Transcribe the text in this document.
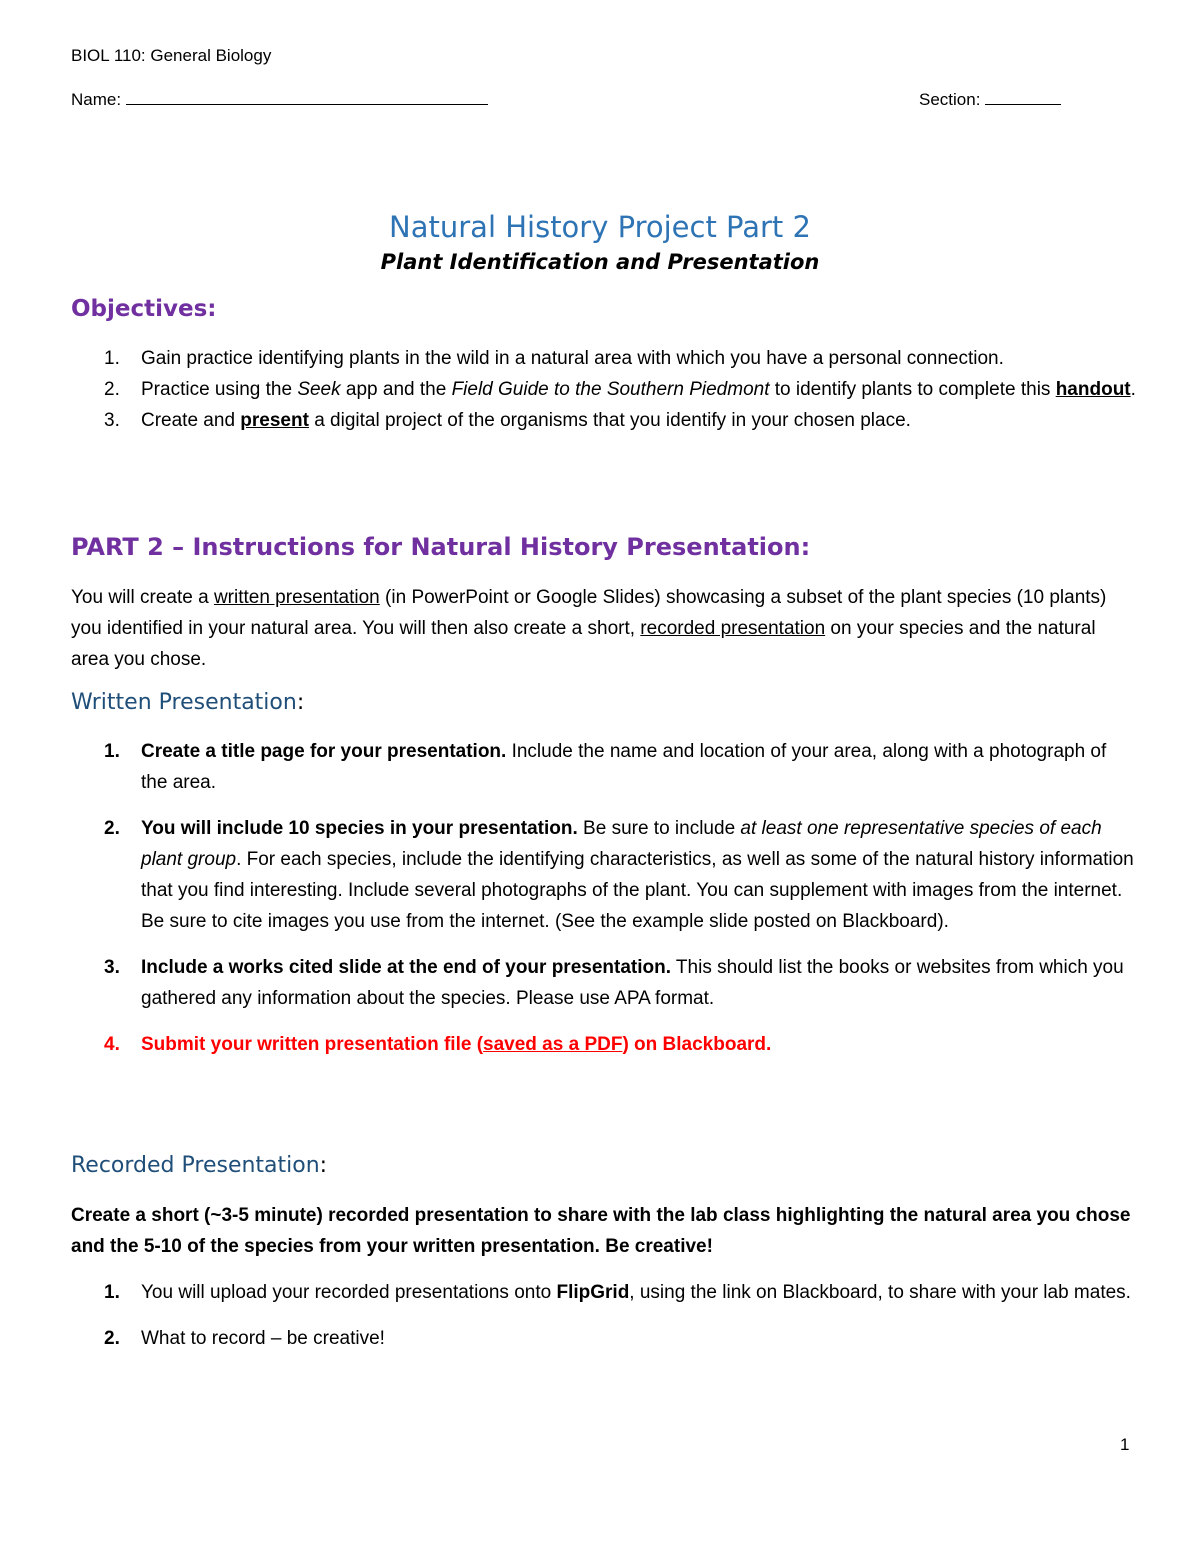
BIOL 110: General Biology
Name:	Section:
Natural History Project Part 2
Plant Identification and Presentation
Objectives:
1. Gain practice identifying plants in the wild in a natural area with which you have a personal connection.
2. Practice using the Seek app and the Field Guide to the Southern Piedmont to identify plants to complete this handout.
3. Create and present a digital project of the organisms that you identify in your chosen place.
PART 2 – Instructions for Natural History Presentation:
You will create a written presentation (in PowerPoint or Google Slides) showcasing a subset of the plant species (10 plants) you identified in your natural area. You will then also create a short, recorded presentation on your species and the natural area you chose.
Written Presentation:
1. Create a title page for your presentation. Include the name and location of your area, along with a photograph of the area.
2. You will include 10 species in your presentation. Be sure to include at least one representative species of each plant group. For each species, include the identifying characteristics, as well as some of the natural history information that you find interesting. Include several photographs of the plant. You can supplement with images from the internet. Be sure to cite images you use from the internet. (See the example slide posted on Blackboard).
3. Include a works cited slide at the end of your presentation. This should list the books or websites from which you gathered any information about the species. Please use APA format.
4. Submit your written presentation file (saved as a PDF) on Blackboard.
Recorded Presentation:
Create a short (~3-5 minute) recorded presentation to share with the lab class highlighting the natural area you chose and the 5-10 of the species from your written presentation. Be creative!
1. You will upload your recorded presentations onto FlipGrid, using the link on Blackboard, to share with your lab mates.
2. What to record – be creative!
1
